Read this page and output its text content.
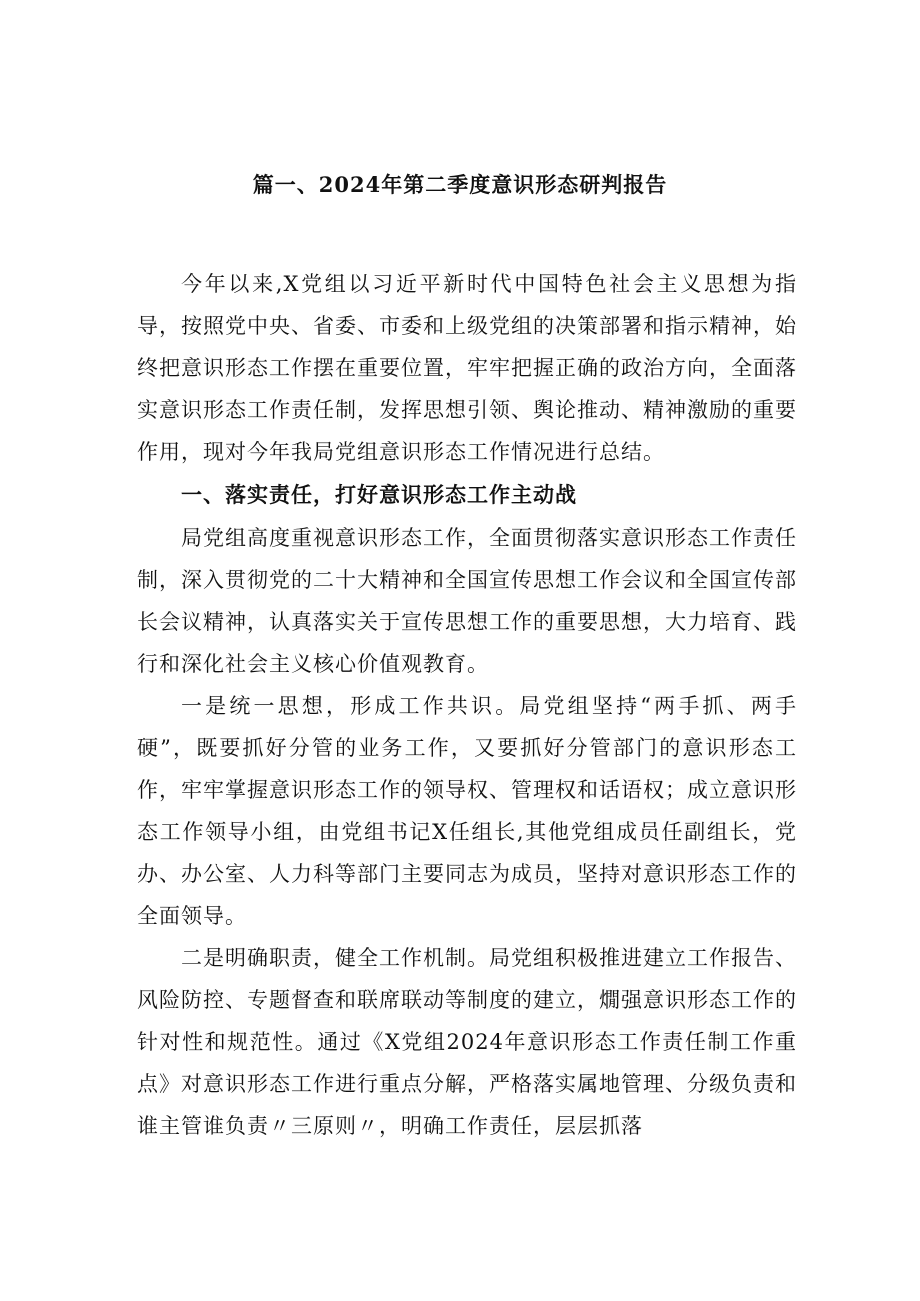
篇一、2024年第二季度意识形态研判报告

今年以来,X党组以习近平新时代中国特色社会主义思想为指导，按照党中央、省委、市委和上级党组的决策部署和指示精神，始终把意识形态工作摆在重要位置，牢牢把握正确的政治方向，全面落实意识形态工作责任制，发挥思想引领、舆论推动、精神激励的重要作用，现对今年我局党组意识形态工作情况进行总结。

一、落实责任，打好意识形态工作主动战

局党组高度重视意识形态工作，全面贯彻落实意识形态工作责任制，深入贯彻党的二十大精神和全国宣传思想工作会议和全国宣传部长会议精神，认真落实关于宣传思想工作的重要思想，大力培育、践行和深化社会主义核心价值观教育。

一是统一思想，形成工作共识。局党组坚持“两手抓、两手硬”，既要抓好分管的业务工作，又要抓好分管部门的意识形态工作，牢牢掌握意识形态工作的领导权、管理权和话语权；成立意识形态工作领导小组，由党组书记X任组长,其他党组成员任副组长，党办、办公室、人力科等部门主要同志为成员，坚持对意识形态工作的全面领导。

二是明确职责，健全工作机制。局党组积极推进建立工作报告、风险防控、专题督查和联席联动等制度的建立，燗强意识形态工作的针对性和规范性。通过《X党组2024年意识形态工作责任制工作重点》对意识形态工作进行重点分解，严格落实属地管理、分级负责和谁主管谁负责〃三原则〃，明确工作责任，层层抓落
